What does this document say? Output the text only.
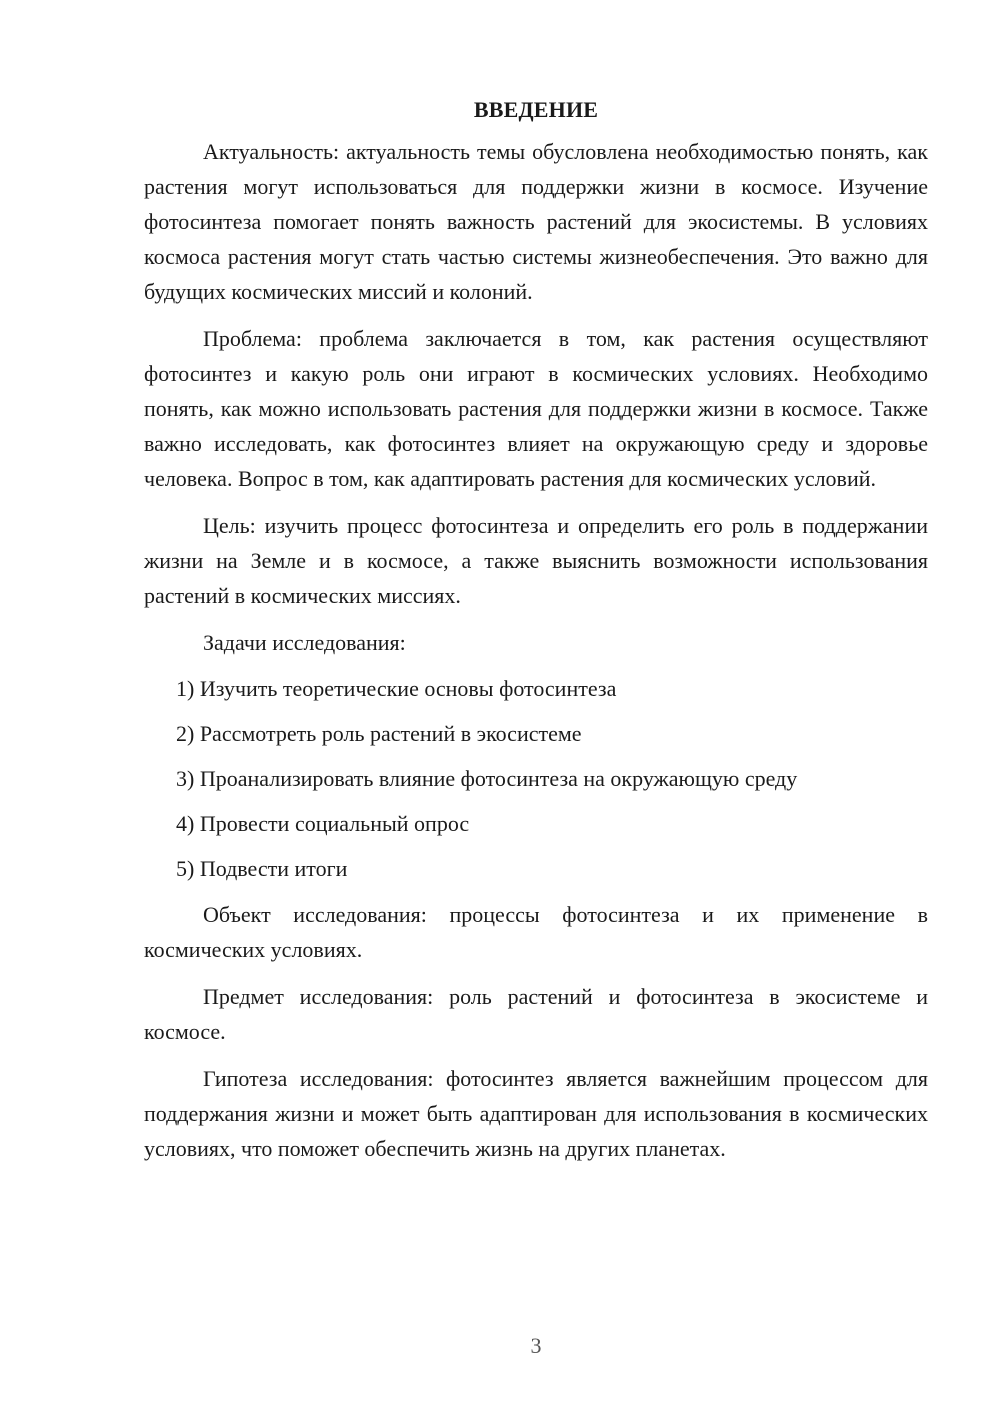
ВВЕДЕНИЕ

Актуальность: актуальность темы обусловлена необходимостью понять, как растения могут использоваться для поддержки жизни в космосе. Изучение фотосинтеза помогает понять важность растений для экосистемы. В условиях космоса растения могут стать частью системы жизнеобеспечения. Это важно для будущих космических миссий и колоний.

Проблема: проблема заключается в том, как растения осуществляют фотосинтез и какую роль они играют в космических условиях. Необходимо понять, как можно использовать растения для поддержки жизни в космосе. Также важно исследовать, как фотосинтез влияет на окружающую среду и здоровье человека. Вопрос в том, как адаптировать растения для космических условий.

Цель: изучить процесс фотосинтеза и определить его роль в поддержании жизни на Земле и в космосе, а также выяснить возможности использования растений в космических миссиях.

Задачи исследования:

1) Изучить теоретические основы фотосинтеза
2) Рассмотреть роль растений в экосистеме
3) Проанализировать влияние фотосинтеза на окружающую среду
4) Провести социальный опрос
5) Подвести итоги

Объект исследования: процессы фотосинтеза и их применение в космических условиях.

Предмет исследования: роль растений и фотосинтеза в экосистеме и космосе.

Гипотеза исследования: фотосинтез является важнейшим процессом для поддержания жизни и может быть адаптирован для использования в космических условиях, что поможет обеспечить жизнь на других планетах.

3
